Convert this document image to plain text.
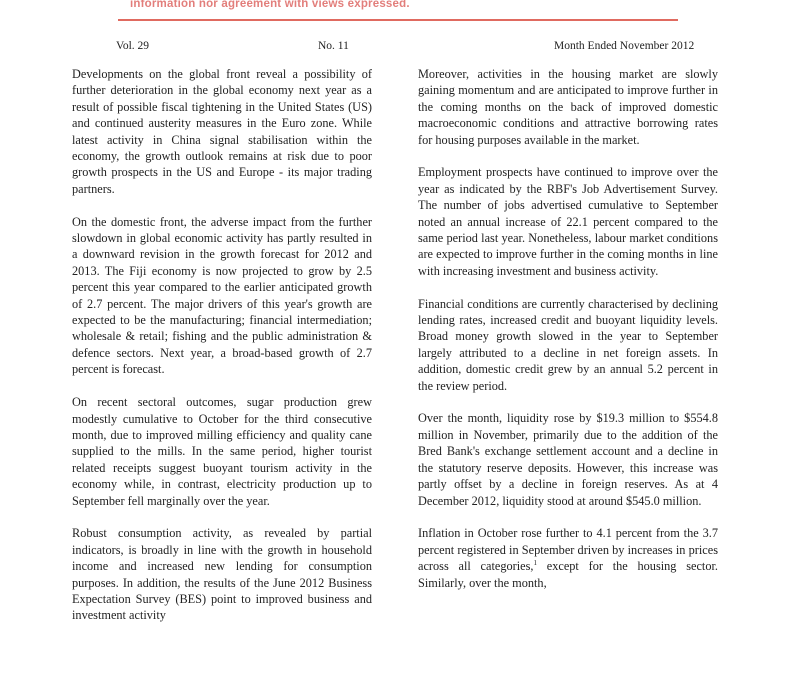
information nor agreement with views expressed.
Vol. 29	No. 11	Month Ended November 2012

Developments on the global front reveal a possibility of further deterioration in the global economy next year as a result of possible fiscal tightening in the United States (US) and continued austerity measures in the Euro zone. While latest activity in China signal stabilisation within the economy, the growth outlook remains at risk due to poor growth prospects in the US and Europe - its major trading partners.

On the domestic front, the adverse impact from the further slowdown in global economic activity has partly resulted in a downward revision in the growth forecast for 2012 and 2013. The Fiji economy is now projected to grow by 2.5 percent this year compared to the earlier anticipated growth of 2.7 percent. The major drivers of this year's growth are expected to be the manufacturing; financial intermediation; wholesale & retail; fishing and the public administration & defence sectors. Next year, a broad-based growth of 2.7 percent is forecast.

On recent sectoral outcomes, sugar production grew modestly cumulative to October for the third consecutive month, due to improved milling efficiency and quality cane supplied to the mills. In the same period, higher tourist related receipts suggest buoyant tourism activity in the economy while, in contrast, electricity production up to September fell marginally over the year.

Robust consumption activity, as revealed by partial indicators, is broadly in line with the growth in household income and increased new lending for consumption purposes. In addition, the results of the June 2012 Business Expectation Survey (BES) point to improved business and investment activity

Moreover, activities in the housing market are slowly gaining momentum and are anticipated to improve further in the coming months on the back of improved domestic macroeconomic conditions and attractive borrowing rates for housing purposes available in the market.

Employment prospects have continued to improve over the year as indicated by the RBF's Job Advertisement Survey. The number of jobs advertised cumulative to September noted an annual increase of 22.1 percent compared to the same period last year. Nonetheless, labour market conditions are expected to improve further in the coming months in line with increasing investment and business activity.

Financial conditions are currently characterised by declining lending rates, increased credit and buoyant liquidity levels. Broad money growth slowed in the year to September largely attributed to a decline in net foreign assets. In addition, domestic credit grew by an annual 5.2 percent in the review period.

Over the month, liquidity rose by $19.3 million to $554.8 million in November, primarily due to the addition of the Bred Bank's exchange settlement account and a decline in the statutory reserve deposits. However, this increase was partly offset by a decline in foreign reserves. As at 4 December 2012, liquidity stood at around $545.0 million.

Inflation in October rose further to 4.1 percent from the 3.7 percent registered in September driven by increases in prices across all categories,$^1$ except for the housing sector. Similarly, over the month,
